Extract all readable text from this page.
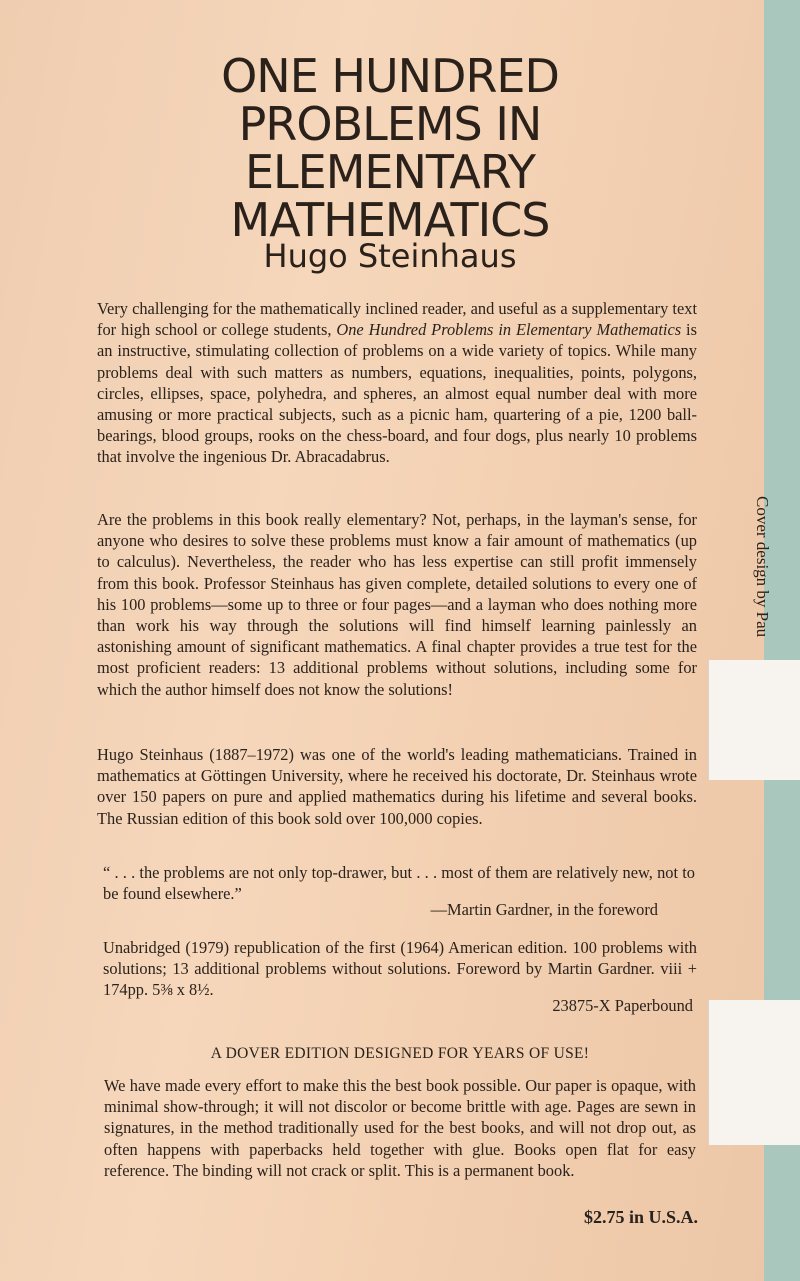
ONE HUNDRED
PROBLEMS IN
ELEMENTARY
MATHEMATICS
Hugo Steinhaus
Very challenging for the mathematically inclined reader, and useful as a supplementary text for high school or college students, One Hundred Problems in Elementary Mathematics is an instructive, stimulating collection of problems on a wide variety of topics. While many problems deal with such matters as numbers, equations, inequalities, points, polygons, circles, ellipses, space, polyhedra, and spheres, an almost equal number deal with more amusing or more practical subjects, such as a picnic ham, quartering of a pie, 1200 ball-bearings, blood groups, rooks on the chess-board, and four dogs, plus nearly 10 problems that involve the ingenious Dr. Abracadabrus.
Are the problems in this book really elementary? Not, perhaps, in the layman's sense, for anyone who desires to solve these problems must know a fair amount of mathematics (up to calculus). Nevertheless, the reader who has less expertise can still profit immensely from this book. Professor Steinhaus has given complete, detailed solutions to every one of his 100 problems—some up to three or four pages—and a layman who does nothing more than work his way through the solutions will find himself learning painlessly an astonishing amount of significant mathematics. A final chapter provides a true test for the most proficient readers: 13 additional problems without solutions, including some for which the author himself does not know the solutions!
Hugo Steinhaus (1887–1972) was one of the world's leading mathematicians. Trained in mathematics at Göttingen University, where he received his doctorate, Dr. Steinhaus wrote over 150 papers on pure and applied mathematics during his lifetime and several books. The Russian edition of this book sold over 100,000 copies.
“ . . . the problems are not only top-drawer, but . . . most of them are relatively new, not to be found elsewhere.”
—Martin Gardner, in the foreword
Unabridged (1979) republication of the first (1964) American edition. 100 problems with solutions; 13 additional problems without solutions. Foreword by Martin Gardner. viii + 174pp. 5⅜ x 8½.
23875-X Paperbound
A DOVER EDITION DESIGNED FOR YEARS OF USE!
We have made every effort to make this the best book possible. Our paper is opaque, with minimal show-through; it will not discolor or become brittle with age. Pages are sewn in signatures, in the method traditionally used for the best books, and will not drop out, as often happens with paperbacks held together with glue. Books open flat for easy reference. The binding will not crack or split. This is a permanent book.
$2.75 in U.S.A.
Cover design by Pau
